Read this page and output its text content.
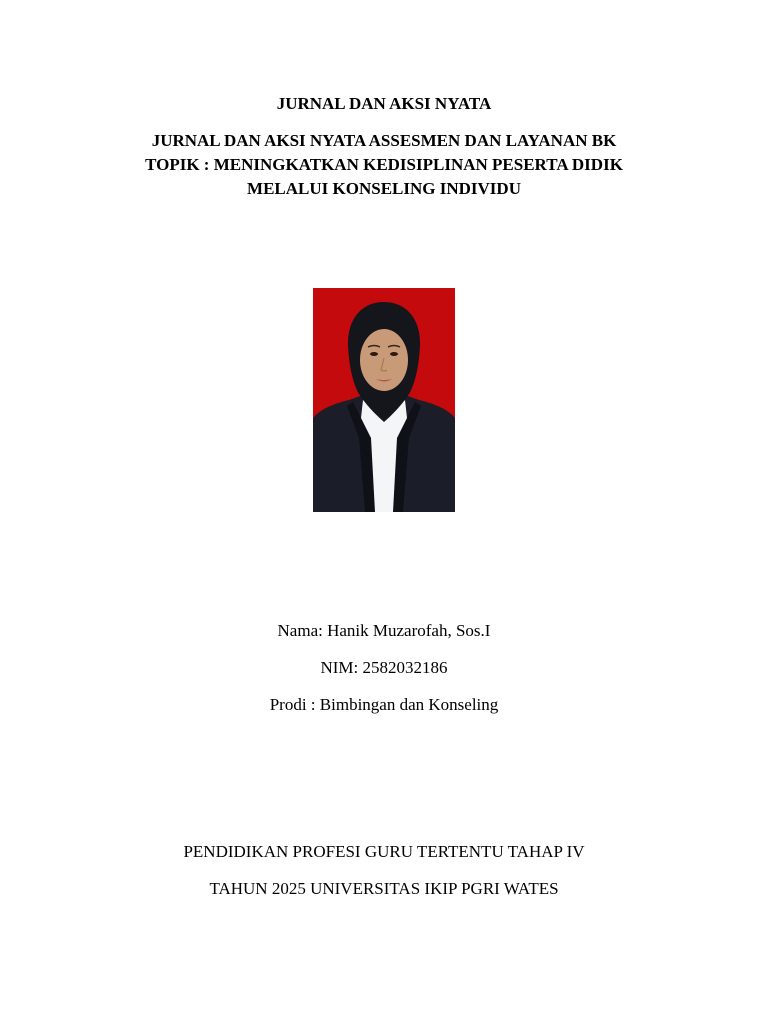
JURNAL DAN AKSI NYATA
JURNAL DAN AKSI NYATA ASSESMEN DAN LAYANAN BK
TOPIK : MENINGKATKAN KEDISIPLINAN PESERTA DIDIK
MELALUI KONSELING INDIVIDU
Nama: Hanik Muzarofah, Sos.I
NIM: 2582032186
Prodi : Bimbingan dan Konseling
PENDIDIKAN PROFESI GURU TERTENTU TAHAP IV
TAHUN 2025 UNIVERSITAS IKIP PGRI WATES
